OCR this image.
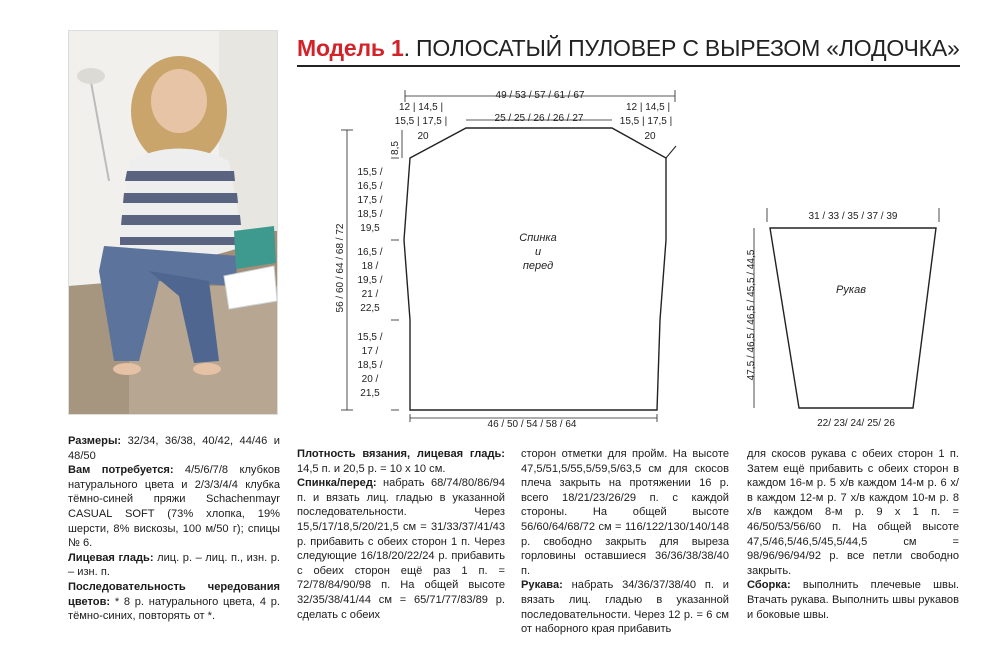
Модель 1. ПОЛОСАТЫЙ ПУЛОВЕР С ВЫРЕЗОМ «ЛОДОЧКА»
49 / 53 / 57 / 61 / 67
25 / 25 / 26 / 26 / 27
12 | 14,5 |
15,5 | 17,5 |
20
12 | 14,5 |
15,5 | 17,5 |
20
8,5
56 / 60 / 64 / 68 / 72
15,5 /
16,5 /
17,5 /
18,5 /
19,5
16,5 /
18 /
19,5 /
21 /
22,5
15,5 /
17 /
18,5 /
20 /
21,5
Спинка
и
перед
46 / 50 / 54 / 58 / 64
31 / 33 / 35 / 37 / 39
47,5 / 46,5 / 46,5 / 45,5 / 44,5	Рукав
22/ 23/ 24/ 25/ 26

Размеры: 32/34, 36/38, 40/42, 44/46 и 48/50

Вам потребуется: 4/5/6/7/8 клубков натурального цвета и 2/3/3/4/4 клубка тёмно-синей пряжи Schachenmayr CASUAL SOFT (73% хлопка, 19% шерсти, 8% вискозы, 100 м/50 г); спицы № 6.

Лицевая гладь: лиц. р. – лиц. п., изн. р. – изн. п.

Последовательность чередования цветов: * 8 р. натурального цвета, 4 р. тёмно-синих, повторять от *.

Плотность вязания, лицевая гладь: 14,5 п. и 20,5 р. = 10 х 10 см.

Спинка/перед: набрать 68/74/80/86/94 п. и вязать лиц. гладью в указанной последовательности. Через 15,5/17/18,5/20/21,5 см = 31/33/37/41/43 р. прибавить с обеих сторон 1 п. Через следующие 16/18/20/22/24 р. прибавить с обеих сторон ещё раз 1 п. = 72/78/84/90/98 п. На общей высоте 32/35/38/41/44 см = 65/71/77/83/89 р. сделать с обеих

сторон отметки для пройм. На высоте 47,5/51,5/55,5/59,5/63,5 см для скосов плеча закрыть на протяжении 16 р. всего 18/21/23/26/29 п. с каждой стороны. На общей высоте 56/60/64/68/72 см = 116/122/130/140/148 р. свободно закрыть для выреза горловины оставшиеся 36/36/38/38/40 п.

Рукава: набрать 34/36/37/38/40 п. и вязать лиц. гладью в указанной последовательности. Через 12 р. = 6 см от наборного края прибавить

для скосов рукава с обеих сторон 1 п. Затем ещё прибавить с обеих сторон в каждом 16-м р. 5 х/в каждом 14-м р. 6 х/в каждом 12-м р. 7 х/в каждом 10-м р. 8 х/в каждом 8-м р. 9 х 1 п. = 46/50/53/56/60 п. На общей высоте 47,5/46,5/46,5/45,5/44,5 см = 98/96/96/94/92 р. все петли свободно закрыть.

Сборка: выполнить плечевые швы. Втачать рукава. Выполнить швы рукавов и боковые швы.
